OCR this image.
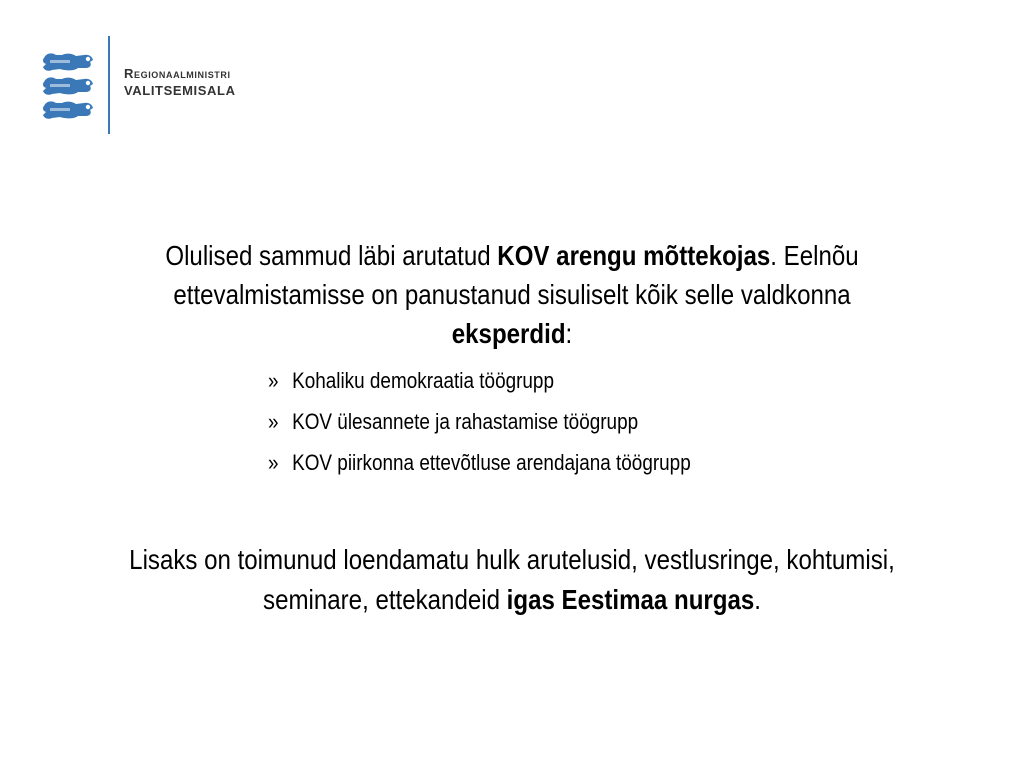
Regionaalministri
VALITSEMISALA
Olulised sammud läbi arutatud KOV arengu mõttekojas. Eelnõu ettevalmistamisse on panustanud sisuliselt kõik selle valdkonna eksperdid:
» Kohaliku demokraatia töögrupp
» KOV ülesannete ja rahastamise töögrupp
» KOV piirkonna ettevõtluse arendajana töögrupp
Lisaks on toimunud loendamatu hulk arutelusid, vestlusringe, kohtumisi, seminare, ettekandeid igas Eestimaa nurgas.
